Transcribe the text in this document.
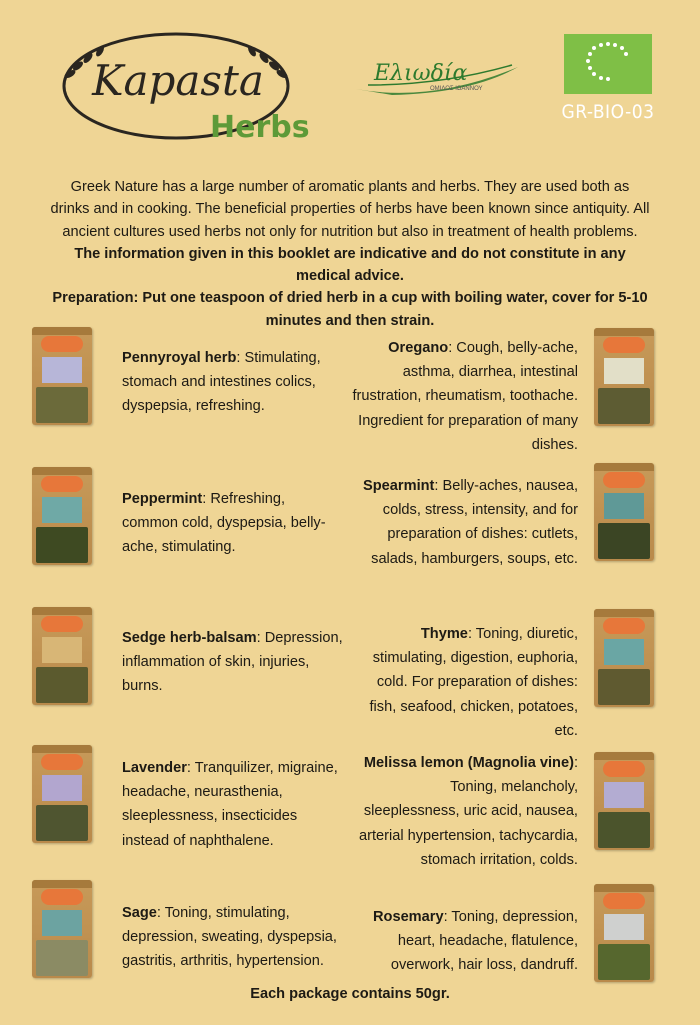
Kapasta
Herbs
Ελιωδία
ΟΜΙΛΟΣ ΙΩΑΝΝΟΥ
GR-BIO-03
Greek Nature has a large number of aromatic plants and herbs. They are used both as drinks and in cooking. The beneficial properties of herbs have been known since antiquity. All ancient cultures used herbs not only for nutrition but also in treatment of health problems. The information given in this booklet are indicative and do not constitute in any medical advice.
Preparation: Put one teaspoon of dried herb in a cup with boiling water, cover for 5-10 minutes and then strain.
Pennyroyal herb: Stimulating, stomach and intestines colics, dyspepsia, refreshing.
Peppermint: Refreshing, common cold, dyspepsia, belly-ache, stimulating.
Sedge herb-balsam: Depression, inflammation of skin, injuries, burns.
Lavender: Tranquilizer, migraine, headache, neurasthenia, sleeplessness, insecticides instead of naphthalene.
Sage: Toning, stimulating, depression, sweating, dyspepsia, gastritis, arthritis, hypertension.
Oregano: Cough, belly-ache, asthma, diarrhea, intestinal frustration, rheumatism, toothache. Ingredient for preparation of many dishes.
Spearmint: Belly-aches, nausea, colds, stress, intensity, and for preparation of dishes: cutlets, salads, hamburgers, soups, etc.
Thyme: Toning, diuretic, stimulating, digestion, euphoria, cold. For preparation of dishes: fish, seafood, chicken, potatoes, etc.
Melissa lemon (Magnolia vine): Toning, melancholy, sleeplessness, uric acid, nausea, arterial hypertension, tachycardia, stomach irritation, colds.
Rosemary: Toning, depression, heart, headache, flatulence, overwork, hair loss, dandruff.
Each package contains 50gr.
